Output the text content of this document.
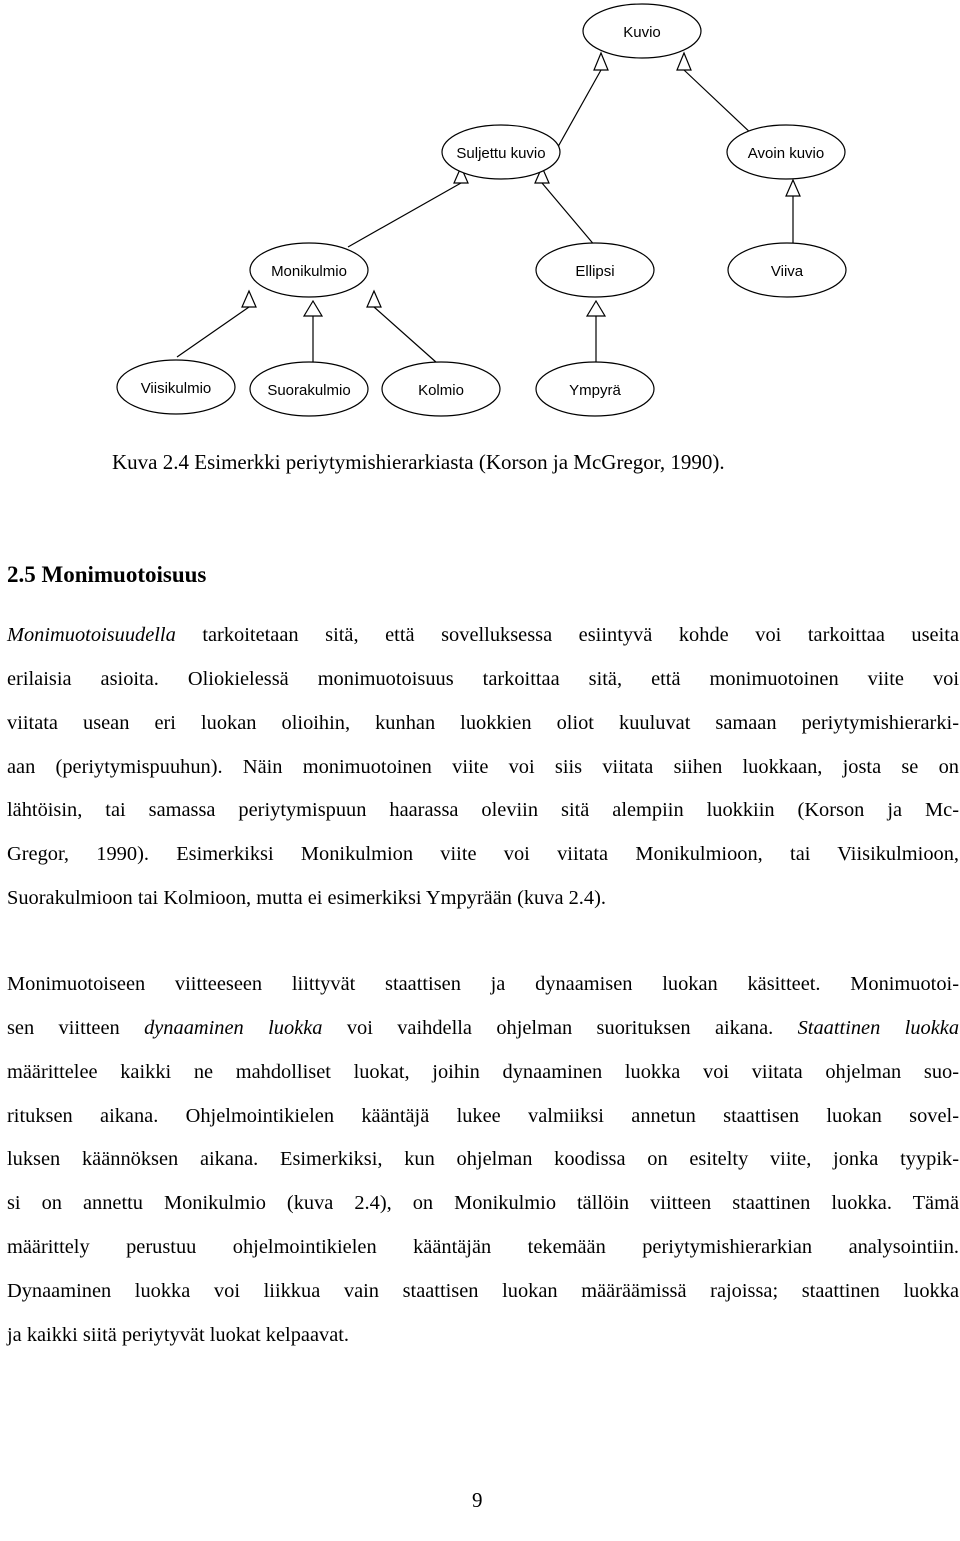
Kuvio
Suljettu kuvio	Avoin kuvio
Monikulmio	Ellipsi	Viiva
Viisikulmio	Suorakulmio	Kolmio	Ympyrä
Kuva 2.4 Esimerkki periytymishierarkiasta (Korson ja McGregor, 1990).
2.5 Monimuotoisuus
Monimuotoisuudella tarkoitetaan sitä, että sovelluksessa esiintyvä kohde voi tarkoittaa useita
erilaisia asioita. Oliokielessä monimuotoisuus tarkoittaa sitä, että monimuotoinen viite voi
viitata usean eri luokan olioihin, kunhan luokkien oliot kuuluvat samaan periytymishierarki-
aan (periytymispuuhun). Näin monimuotoinen viite voi siis viitata siihen luokkaan, josta se on
lähtöisin, tai samassa periytymispuun haarassa oleviin sitä alempiin luokkiin (Korson ja Mc-
Gregor, 1990). Esimerkiksi Monikulmion viite voi viitata Monikulmioon, tai Viisikulmioon,
Suorakulmioon tai Kolmioon, mutta ei esimerkiksi Ympyrään (kuva 2.4).
Monimuotoiseen viitteeseen liittyvät staattisen ja dynaamisen luokan käsitteet. Monimuotoi-
sen viitteen dynaaminen luokka voi vaihdella ohjelman suorituksen aikana. Staattinen luokka
määrittelee kaikki ne mahdolliset luokat, joihin dynaaminen luokka voi viitata ohjelman suo-
rituksen aikana. Ohjelmointikielen kääntäjä lukee valmiiksi annetun staattisen luokan sovel-
luksen käännöksen aikana. Esimerkiksi, kun ohjelman koodissa on esitelty viite, jonka tyypik-
si on annettu Monikulmio (kuva 2.4), on Monikulmio tällöin viitteen staattinen luokka. Tämä
määrittely perustuu ohjelmointikielen kääntäjän tekemään periytymishierarkian analysointiin.
Dynaaminen luokka voi liikkua vain staattisen luokan määräämissä rajoissa; staattinen luokka
ja kaikki siitä periytyvät luokat kelpaavat.
9
